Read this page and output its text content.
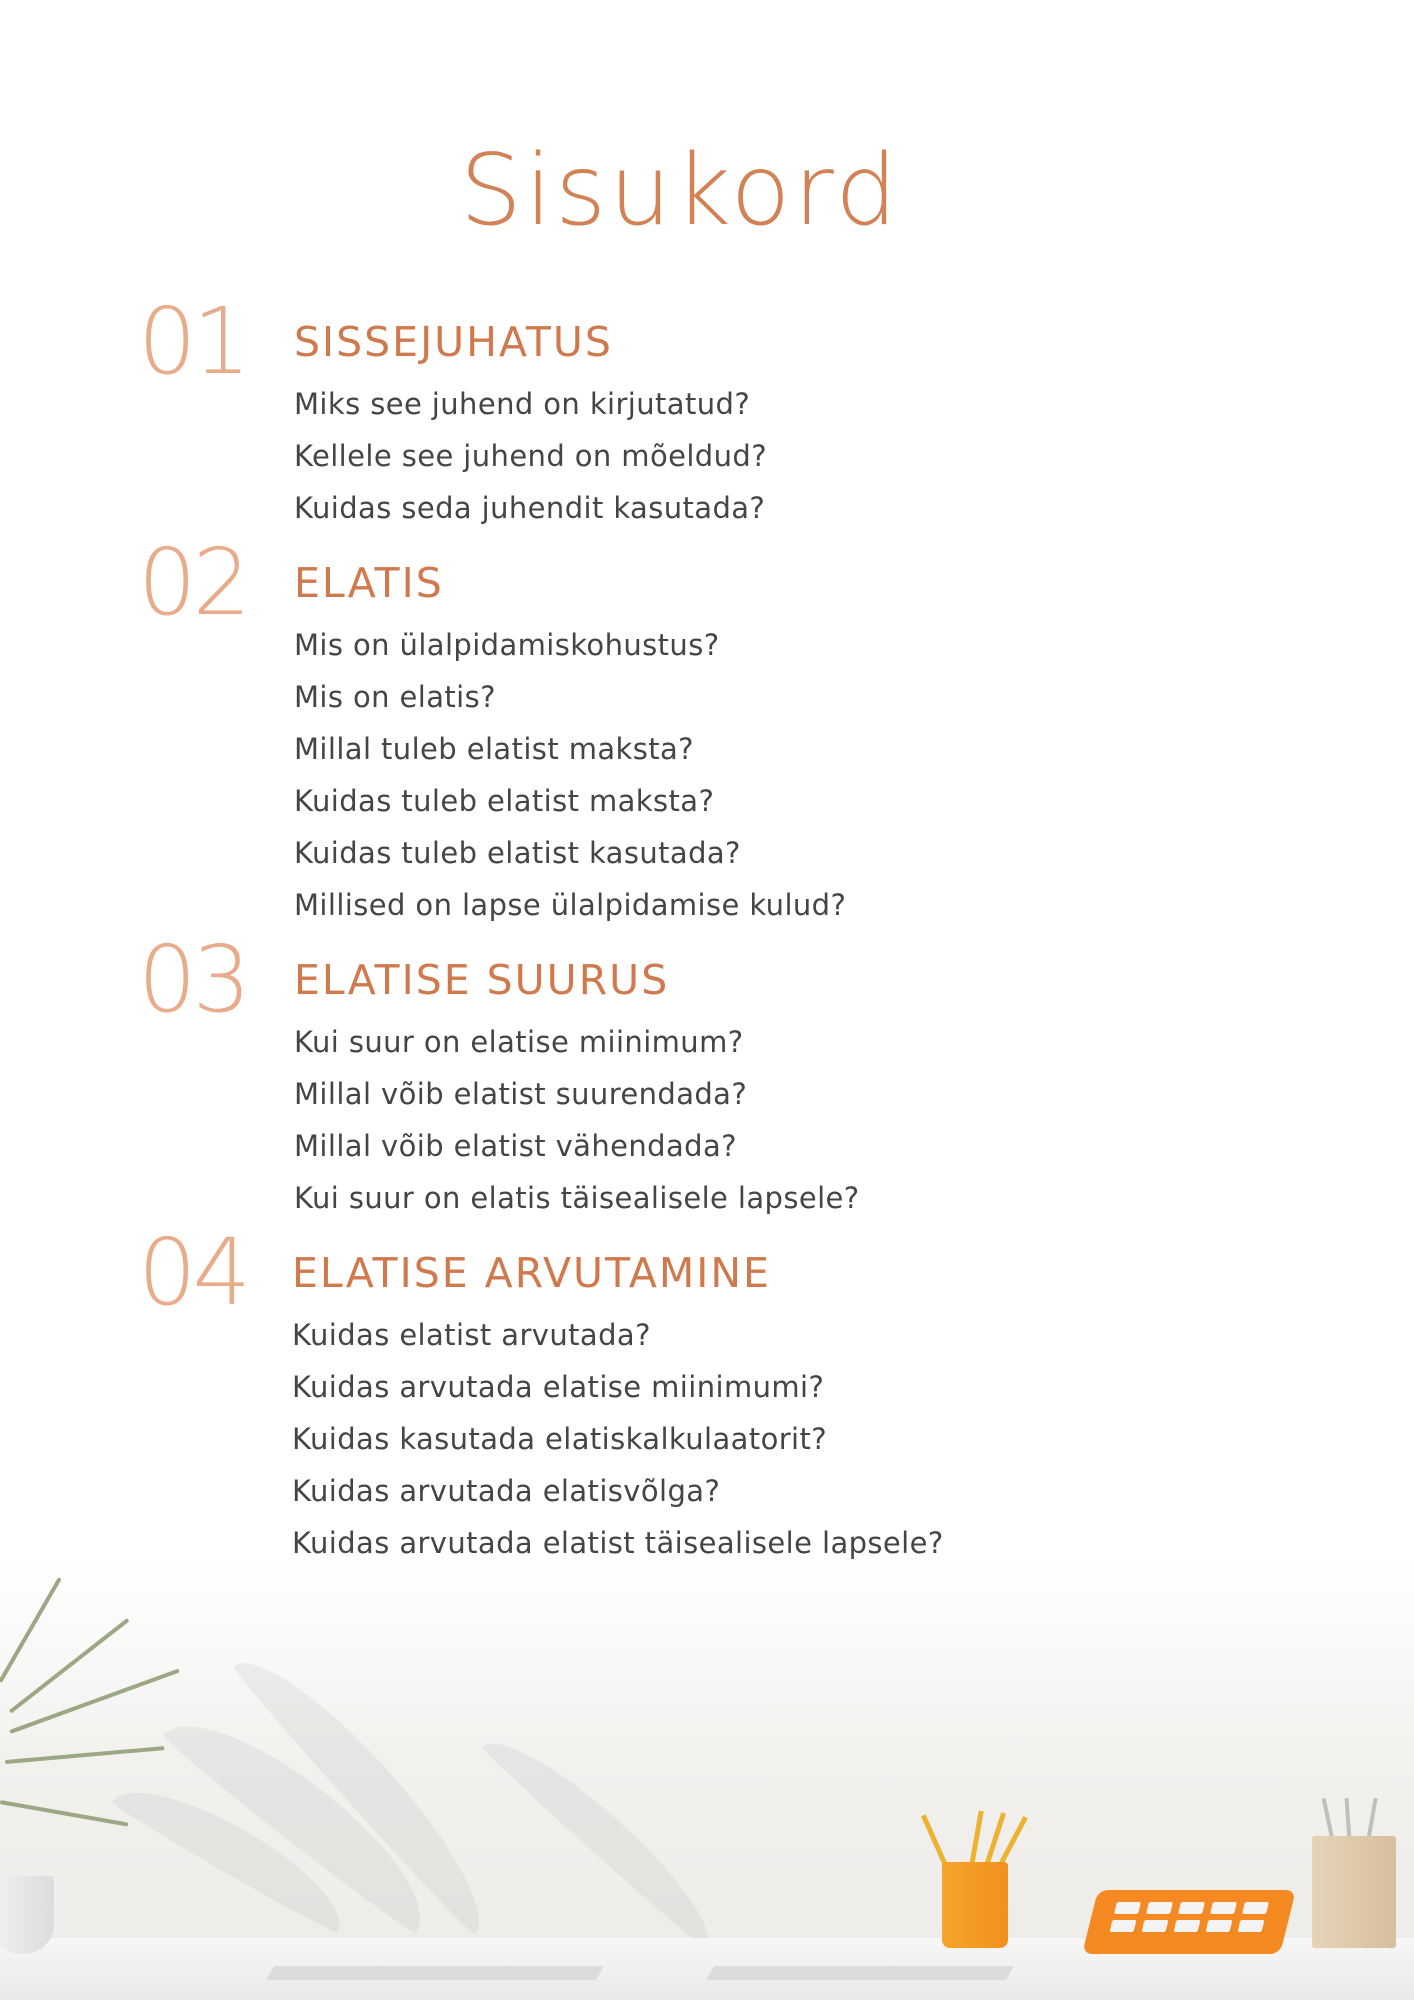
Sisukord
01 SISSEJUHATUS
Miks see juhend on kirjutatud?
Kellele see juhend on mõeldud?
Kuidas seda juhendit kasutada?
02 ELATIS
Mis on ülalpidamiskohustus?
Mis on elatis?
Millal tuleb elatist maksta?
Kuidas tuleb elatist maksta?
Kuidas tuleb elatist kasutada?
Millised on lapse ülalpidamise kulud?
03 ELATISE SUURUS
Kui suur on elatise miinimum?
Millal võib elatist suurendada?
Millal võib elatist vähendada?
Kui suur on elatis täisealisele lapsele?
04 ELATISE ARVUTAMINE
Kuidas elatist arvutada?
Kuidas arvutada elatise miinimumi?
Kuidas kasutada elatiskalkulaatorit?
Kuidas arvutada elatisvõlga?
Kuidas arvutada elatist täisealisele lapsele?
